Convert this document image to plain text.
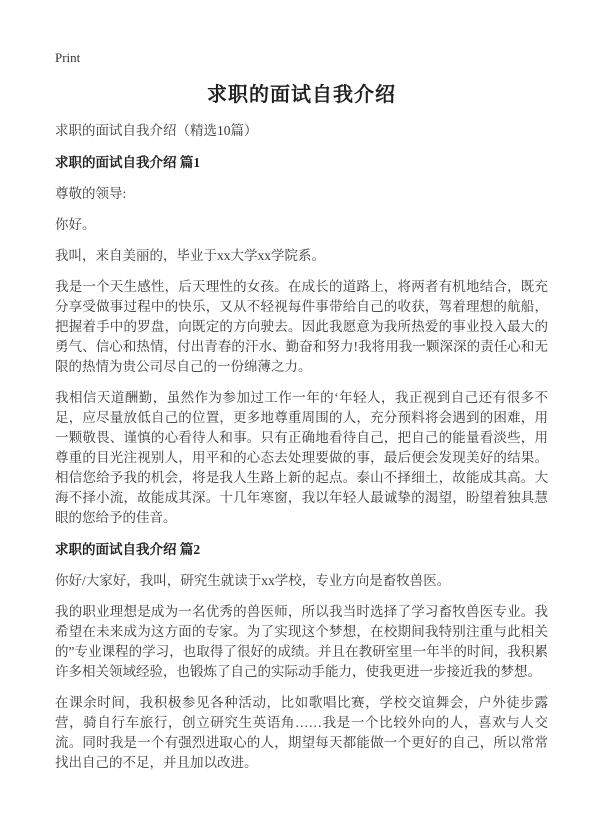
Print
求职的面试自我介绍

求职的面试自我介绍（精选10篇）

求职的面试自我介绍 篇1

尊敬的领导:

你好。

我叫，来自美丽的，毕业于xx大学xx学院系。

我是一个天生感性，后天理性的女孩。在成长的道路上，将两者有机地结合，既充分享受做事过程中的快乐，又从不轻视每件事带给自己的收获，驾着理想的航船，把握着手中的罗盘，向既定的方向驶去。因此我愿意为我所热爱的事业投入最大的勇气、信心和热情，付出青春的汗水、勤奋和努力!我将用我一颗深深的责任心和无限的热情为贵公司尽自己的一份绵薄之力。

我相信天道酬勤，虽然作为参加过工作一年的‘年轻人，我正视到自己还有很多不足，应尽量放低自己的位置，更多地尊重周围的人，充分预料将会遇到的困难，用一颗敬畏、谨慎的心看待人和事。只有正确地看待自己，把自己的能量看淡些，用尊重的目光注视别人，用平和的心态去处理要做的事，最后便会发现美好的结果。相信您给予我的机会，将是我人生路上新的起点。泰山不择细土，故能成其高。大海不择小流，故能成其深。十几年寒窗，我以年轻人最诚挚的渴望，盼望着独具慧眼的您给予的佳音。

求职的面试自我介绍 篇2

你好/大家好，我叫，研究生就读于xx学校，专业方向是畜牧兽医。

我的职业理想是成为一名优秀的兽医师，所以我当时选择了学习畜牧兽医专业。我希望在未来成为这方面的专家。为了实现这个梦想，在校期间我特别注重与此相关的”专业课程的学习，也取得了很好的成绩。并且在教研室里一年半的时间，我积累许多相关领域经验，也锻炼了自己的实际动手能力，使我更进一步接近我的梦想。

在课余时间，我积极参见各种活动，比如歌唱比赛，学校交谊舞会，户外徒步露营，骑自行车旅行，创立研究生英语角……我是一个比较外向的人，喜欢与人交流。同时我是一个有强烈进取心的人，期望每天都能做一个更好的自己，所以常常找出自己的不足，并且加以改进。
